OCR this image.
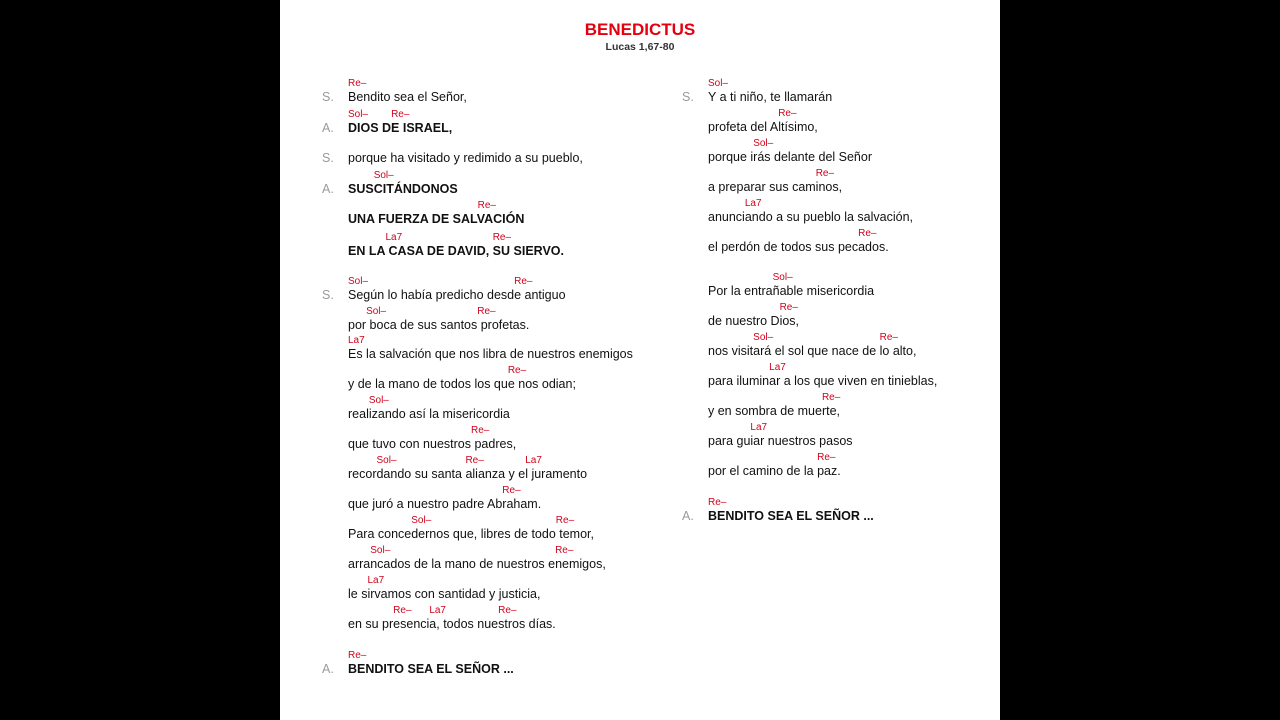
BENEDICTUS
Lucas 1,67-80
S. Bendito sea el Señor,
Re–
A. DIOS DE ISRAEL,
Sol– Re–
S. porque ha visitado y redimido a su pueblo,
A. SUSCITÁNDONOS
Sol–
UNA FUERZA DE SALVACIÓN
Re–
EN LA CASA DE DAVID, SU SIERVO.
La7	Re–
S. Según lo había predicho desde antiguo
Sol–	Re–
por boca de sus santos profetas.
Sol–	Re–
Es la salvación que nos libra de nuestros enemigos
La7
y de la mano de todos los que nos odian;
Re–
realizando así la misericordia
Sol–
que tuvo con nuestros padres,
Re–
recordando su santa alianza y el juramento
Sol–	Re–	La7
que juró a nuestro padre Abraham.
Re–
Para concedernos que, libres de todo temor,
Sol–	Re–
arrancados de la mano de nuestros enemigos,
Sol–	Re–
le sirvamos con santidad y justicia,
La7
en su presencia, todos nuestros días.
Re– La7	Re–
A. BENDITO SEA EL SEÑOR ...
Re–
S. Y a ti niño, te llamarán
Sol–
profeta del Altísimo,
Re–
porque irás delante del Señor
Sol–
a preparar sus caminos,
Re–
anunciando a su pueblo la salvación,
La7
el perdón de todos sus pecados.
Re–
Por la entrañable misericordia
Sol–
de nuestro Dios,
Re–
nos visitará el sol que nace de lo alto,
Sol–	Re–
para iluminar a los que viven en tinieblas,
La7
y en sombra de muerte,
Re–
para guiar nuestros pasos
La7
por el camino de la paz.
Re–
A. BENDITO SEA EL SEÑOR ...
Re–
